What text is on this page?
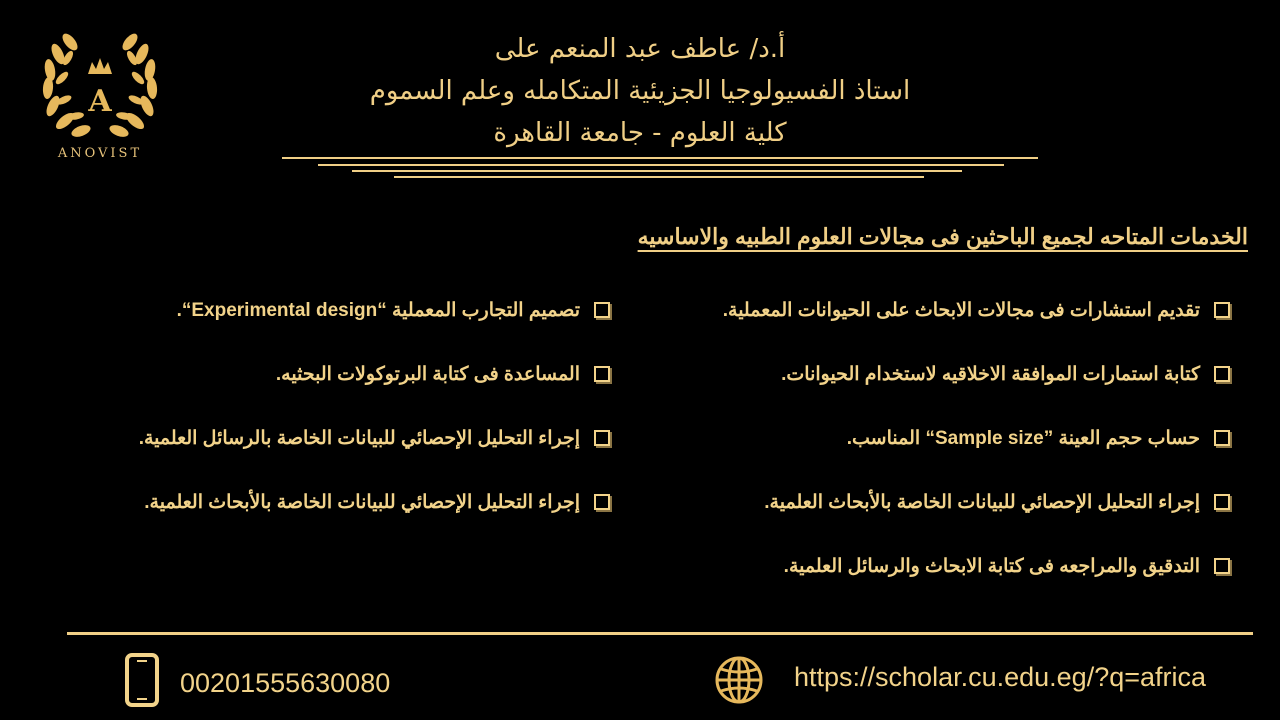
A
ANOVIST
أ.د/ عاطف عبد المنعم على
استاذ الفسيولوجيا الجزيئية المتكامله وعلم السموم
كلية العلوم - جامعة القاهرة
الخدمات المتاحه لجميع الباحثين فى مجالات العلوم الطبيه والاساسيه
تقديم استشارات فى مجالات الابحاث على الحيوانات المعملية.
كتابة استمارات الموافقة الاخلاقيه لاستخدام الحيوانات.
حساب حجم العينة ”Sample size“ المناسب.
إجراء التحليل الإحصائي للبيانات الخاصة بالأبحاث العلمية.
التدقيق والمراجعه فى كتابة الابحاث والرسائل العلمية.
تصميم التجارب المعملية “Experimental design“.
المساعدة فى كتابة البرتوكولات البحثيه.
إجراء التحليل الإحصائي للبيانات الخاصة بالرسائل العلمية.
إجراء التحليل الإحصائي للبيانات الخاصة بالأبحاث العلمية.
00201555630080	https://scholar.cu.edu.eg/?q=africa
